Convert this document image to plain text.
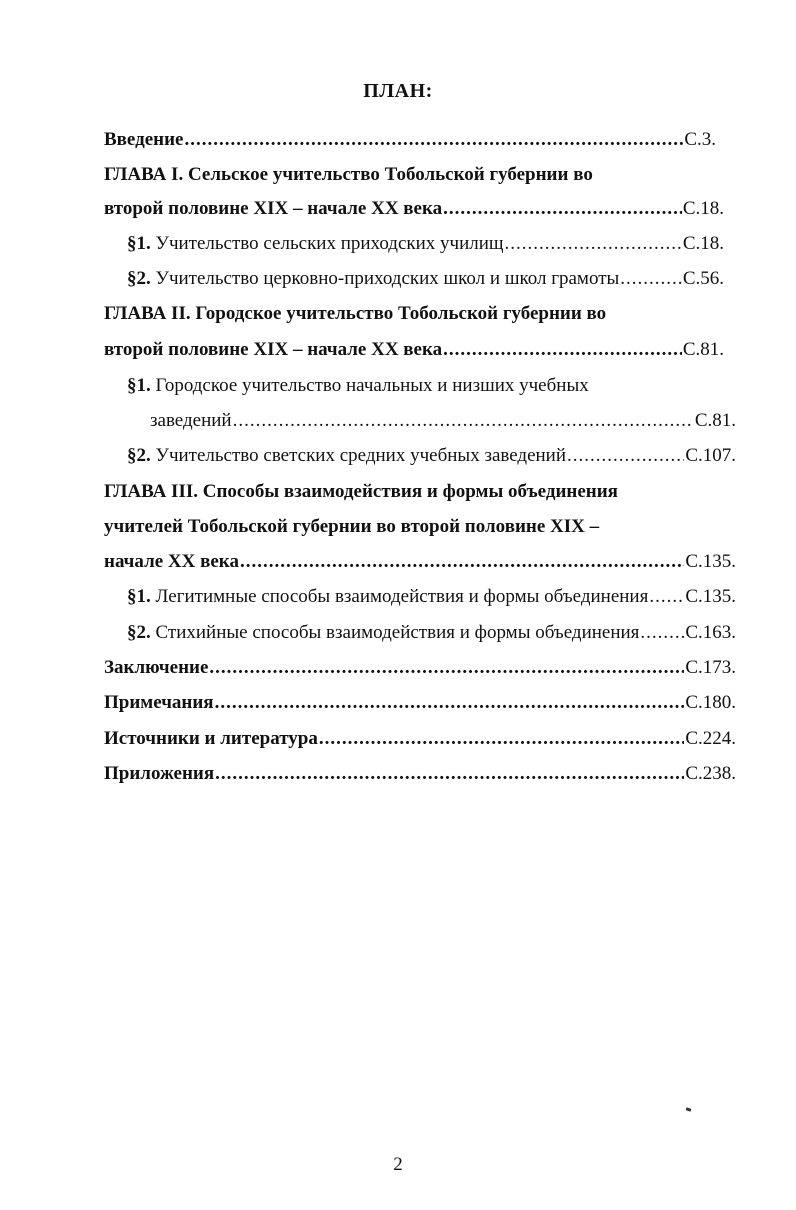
ПЛАН:
Введение .....	С.3.
ГЛАВА I. Сельское учительство Тобольской губернии во
второй половине XIX – начале XX века .....	С.18.
§1. Учительство сельских приходских училищ .....	С.18.
§2. Учительство церковно-приходских школ и школ грамоты .....	С.56.
ГЛАВА II. Городское учительство Тобольской губернии во
второй половине XIX – начале XX века .....	С.81.
§1. Городское учительство начальных и низших учебных
заведений .....	С.81.
§2. Учительство светских средних учебных заведений .....	С.107.
ГЛАВА III. Способы взаимодействия и формы объединения
учителей Тобольской губернии во второй половине XIX –
начале XX века .....	С.135.
§1. Легитимные способы взаимодействия и формы объединения ..... С.135.
§2. Стихийные способы взаимодействия и формы объединения ..... С.163.
Заключение .....	С.173.
Примечания .....	С.180.
Источники и литература .....	С.224.
Приложения .....	С.238.
2
